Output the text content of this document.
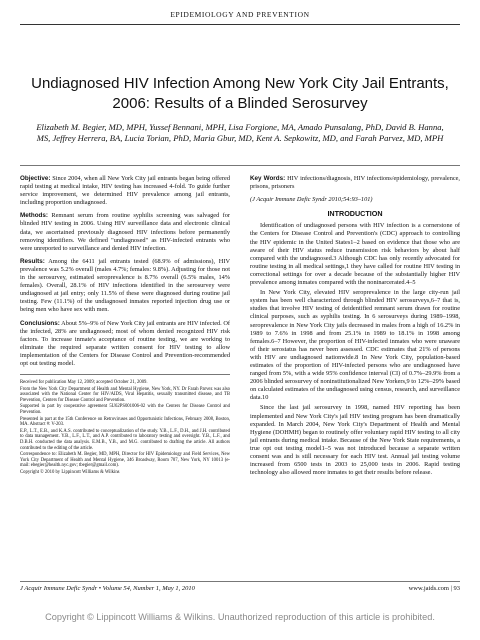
EPIDEMIOLOGY AND PREVENTION
Undiagnosed HIV Infection Among New York City Jail Entrants, 2006: Results of a Blinded Serosurvey
Elizabeth M. Begier, MD, MPH, Yussef Bennani, MPH, Lisa Forgione, MA, Amado Punsalang, PhD, David B. Hanna, MS, Jeffrey Herrera, BA, Lucia Torian, PhD, Maria Gbur, MD, Kent A. Sepkowitz, MD, and Farah Parvez, MD, MPH

Objective: Since 2004, when all New York City jail entrants began being offered rapid testing at medical intake, HIV testing has increased 4-fold. To guide further service improvement, we determined HIV prevalence among jail entrants, including proportion undiagnosed.

Methods: Remnant serum from routine syphilis screening was salvaged for blinded HIV testing in 2006. Using HIV surveillance data and electronic clinical data, we ascertained previously diagnosed HIV infections before permanently removing identifiers. We defined "undiagnosed" as HIV-infected entrants who were unreported to surveillance and denied HIV infection.

Results: Among the 6411 jail entrants tested (68.9% of admissions), HIV prevalence was 5.2% overall (males 4.7%; females: 9.8%). Adjusting for those not in the serosurvey, estimated seroprevalence is 8.7% overall (6.5% males, 14% females). Overall, 28.1% of HIV infections identified in the serosurvey were undiagnosed at jail entry; only 11.5% of these were diagnosed during routine jail testing. Few (11.1%) of the undiagnosed inmates reported injection drug use or being men who have sex with men.

Conclusions: About 5%–9% of New York City jail entrants are HIV infected. Of the infected, 28% are undiagnosed; most of whom denied recognized HIV risk factors. To increase inmate's acceptance of routine testing, we are working to eliminate the required separate written consent for HIV testing to allow implementation of the Centers for Disease Control and Prevention-recommended opt out testing model.

Received for publication May 12, 2009; accepted October 21, 2009.

From the New York City Department of Health and Mental Hygiene, New York, NY. Dr Farah Parvez was also associated with the National Center for HIV/AIDS, Viral Hepatitis, sexually transmitted disease, and TB Prevention, Centers for Disease Control and Prevention.

Supported in part by cooperative agreement 5U62PS001006-02 with the Centers for Disease Control and Prevention.

Presented in part at the 15th Conference on Retroviruses and Opportunistic Infections, February 2008, Boston, MA. Abstract #: V-203.

E.P., L.T., E.B., and K.A.S. contributed to conceptualization of the study. Y.B., L.F., D.H., and J.H. contributed to data management. Y.B., L.F., L.T., and A.P. contributed to laboratory testing and oversight. Y.B., L.F., and D.B.H. conducted the data analysis. E.M.B., Y.B., and M.G. contributed to drafting the article. All authors contributed to the editing of the article.

Correspondence to: Elizabeth M. Begier, MD, MPH, Director for HIV Epidemiology and Field Services, New York City Department of Health and Mental Hygiene, 346 Broadway, Room 707, New York, NY 10013 (e-mail: ebegier@health.nyc.gov; tbegier@gmail.com).

Copyright © 2010 by Lippincott Williams & Wilkins

Key Words: HIV infections/diagnosis, HIV infections/epidemiology, prevalence, prisons, prisoners

(J Acquir Immune Defic Syndr 2010;54:93–101)

INTRODUCTION

Identification of undiagnosed persons with HIV infection is a cornerstone of the Centers for Disease Control and Prevention's (CDC) approach to controlling the HIV epidemic in the United States1–2 based on evidence that those who are aware of their HIV status reduce transmission risk behaviors by about half compared with the undiagnosed.3 Although CDC has only recently advocated for routine testing in all medical settings,1 they have called for routine HIV testing in correctional settings for over a decade because of the substantially higher HIV prevalence among inmates compared with the noninarcerated.4–5

In New York City, elevated HIV seroprevalence in the large city-run jail system has been well characterized through blinded HIV serosurveys,6–7 that is, studies that involve HIV testing of deidentified remnant serum drawn for routine clinical purposes, such as syphilis testing. In 6 serosurveys during 1989–1998, seroprevalence in New York City jails decreased in males from a high of 16.2% in 1989 to 7.6% in 1998 and from 25.1% in 1989 to 18.1% in 1998 among females.6–7 However, the proportion of HIV-infected inmates who were unaware of their serostatus has never been assessed. CDC estimates that 21% of persons with HIV are undiagnosed nationwide.8 In New York City, population-based estimates of the proportion of HIV-infected persons who are undiagnosed have ranged from 5%, with a wide 95% confidence interval (CI) of 0.7%–29.9% from a 2006 blinded serosurvey of noninstitutionalized New Yorkers,9 to 12%–29% based on calculated estimates of the undiagnosed using census, research, and surveillance data.10

Since the last jail serosurvey in 1998, named HIV reporting has been implemented and New York City's jail HIV testing program has been dramatically expanded. In March 2004, New York City's Department of Health and Mental Hygiene (DOHMH) began to routinely offer voluntary rapid HIV testing to all city jail entrants during medical intake. Because of the New York State requirements, a true opt out testing model1–5 was not introduced because a separate written consent was and is still necessary for each HIV test. Annual jail testing volume increased from 6500 tests in 2003 to 25,000 tests in 2006. Rapid testing technology also allowed more inmates to get their results before release.

J Acquir Immune Defic Syndr • Volume 54, Number 1, May 1, 2010	www.jaids.com | 93
Copyright © Lippincott Williams & Wilkins. Unauthorized reproduction of this article is prohibited.
